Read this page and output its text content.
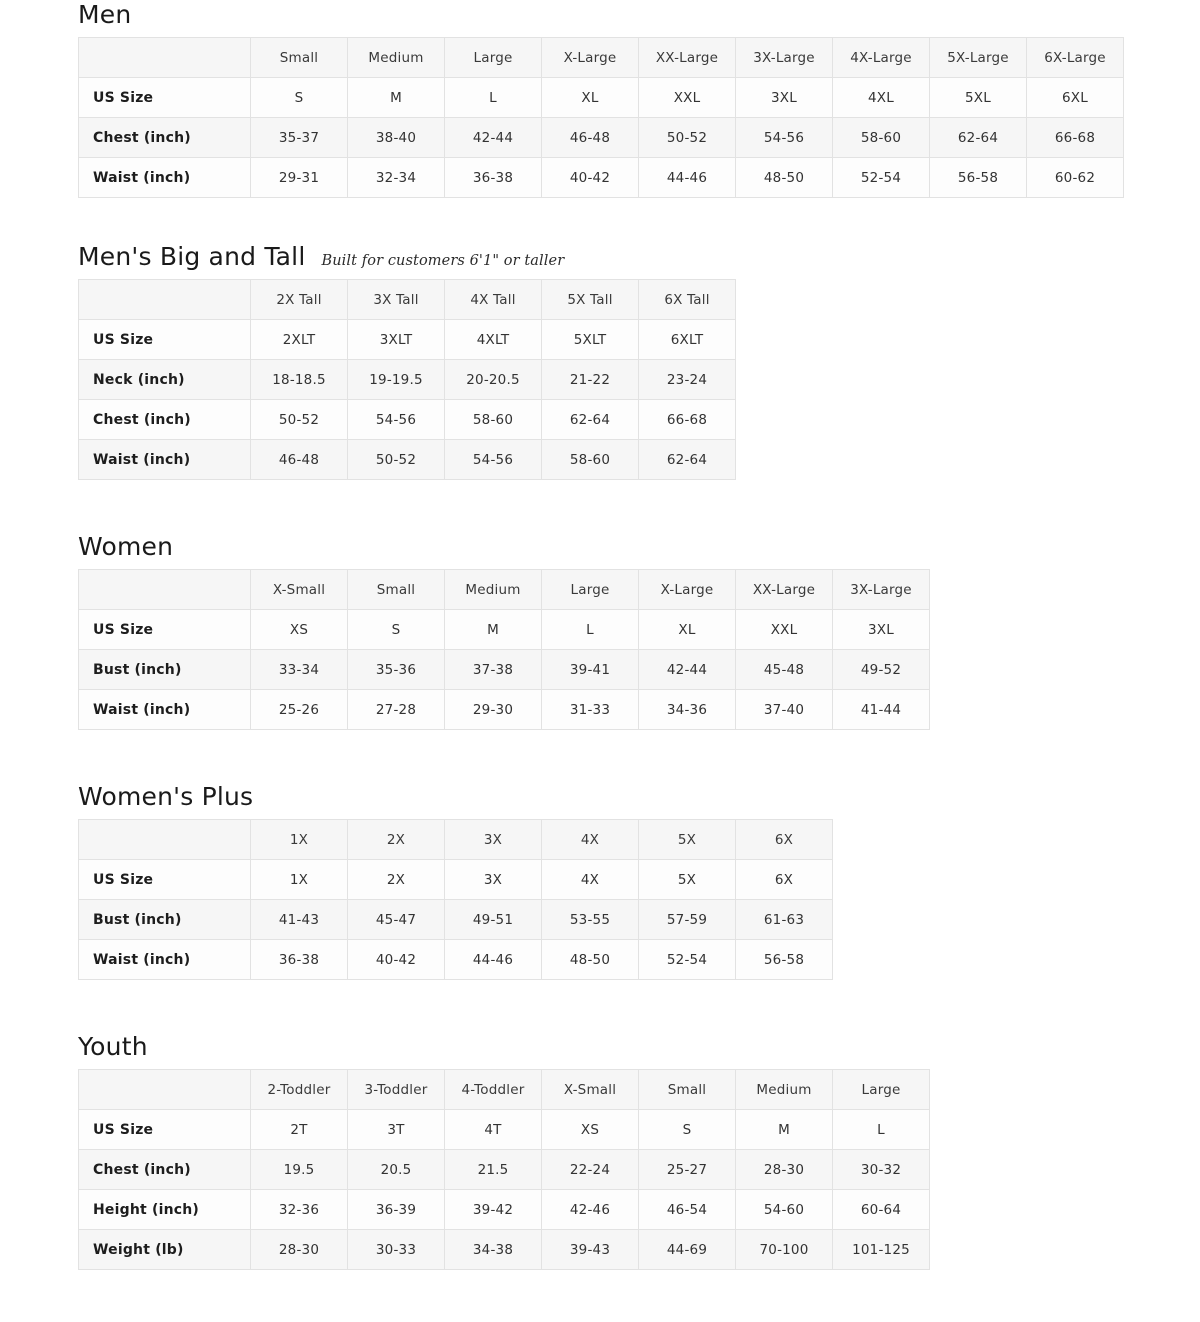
Men
	Small	Medium	Large	X-Large	XX-Large	3X-Large	4X-Large	5X-Large	6X-Large
US Size	S	M	L	XL	XXL	3XL	4XL	5XL	6XL
Chest (inch)	35-37	38-40	42-44	46-48	50-52	54-56	58-60	62-64	66-68
Waist (inch)	29-31	32-34	36-38	40-42	44-46	48-50	52-54	56-58	60-62
Men's Big and Tall Built for customers 6'1" or taller
	2X Tall	3X Tall	4X Tall	5X Tall	6X Tall
US Size	2XLT	3XLT	4XLT	5XLT	6XLT
Neck (inch)	18-18.5	19-19.5	20-20.5	21-22	23-24
Chest (inch)	50-52	54-56	58-60	62-64	66-68
Waist (inch)	46-48	50-52	54-56	58-60	62-64
Women
	X-Small	Small	Medium	Large	X-Large	XX-Large	3X-Large
US Size	XS	S	M	L	XL	XXL	3XL
Bust (inch)	33-34	35-36	37-38	39-41	42-44	45-48	49-52
Waist (inch)	25-26	27-28	29-30	31-33	34-36	37-40	41-44
Women's Plus
	1X	2X	3X	4X	5X	6X
US Size	1X	2X	3X	4X	5X	6X
Bust (inch)	41-43	45-47	49-51	53-55	57-59	61-63
Waist (inch)	36-38	40-42	44-46	48-50	52-54	56-58
Youth
	2-Toddler	3-Toddler	4-Toddler	X-Small	Small	Medium	Large
US Size	2T	3T	4T	XS	S	M	L
Chest (inch)	19.5	20.5	21.5	22-24	25-27	28-30	30-32
Height (inch)	32-36	36-39	39-42	42-46	46-54	54-60	60-64
Weight (lb)	28-30	30-33	34-38	39-43	44-69	70-100	101-125
